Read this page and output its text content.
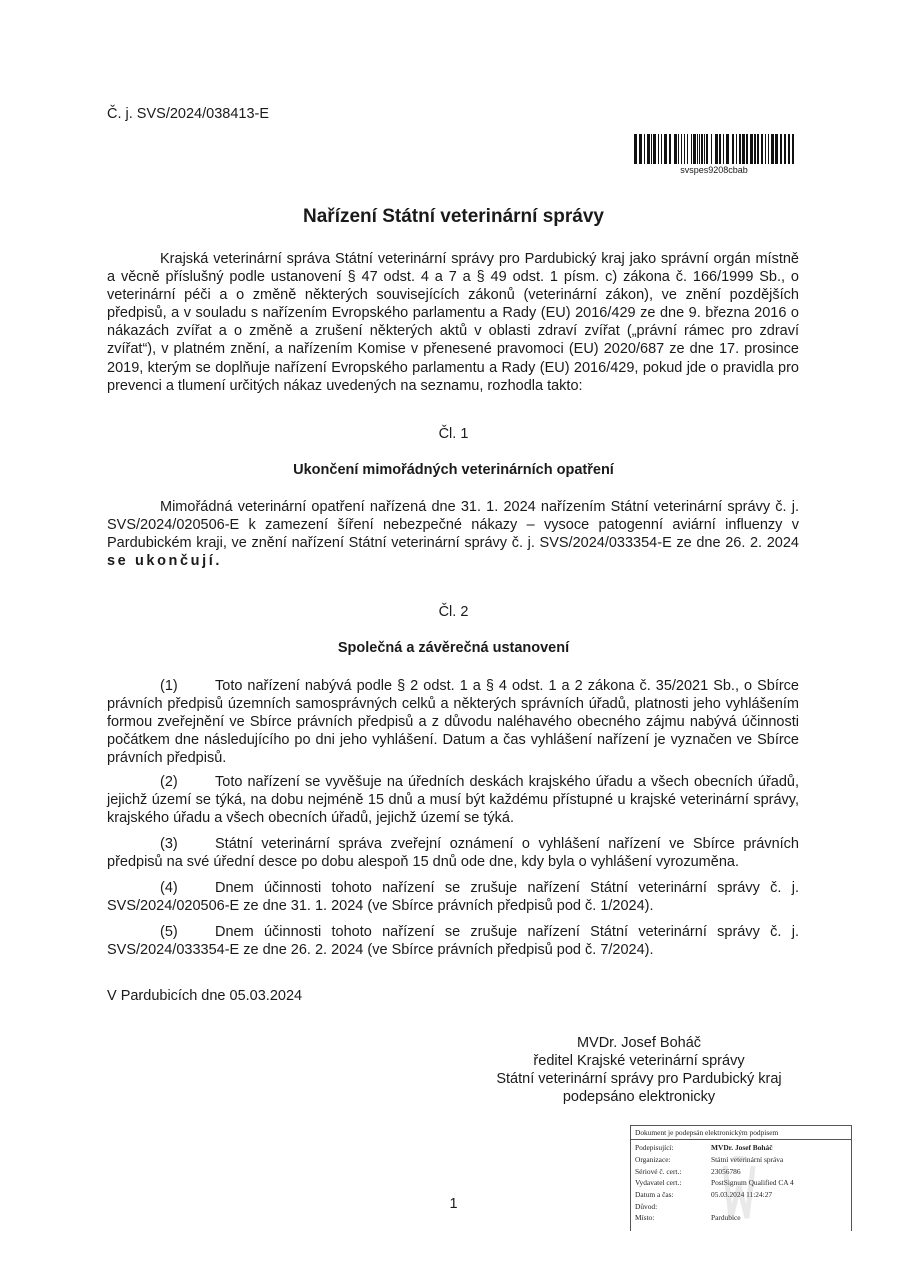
Č. j. SVS/2024/038413-E
svspes9208cbab
Nařízení Státní veterinární správy
Krajská veterinární správa Státní veterinární správy pro Pardubický kraj jako správní orgán místně a věcně příslušný podle ustanovení § 47 odst. 4 a 7 a § 49 odst. 1 písm. c) zákona č. 166/1999 Sb., o veterinární péči a o změně některých souvisejících zákonů (veterinární zákon), ve znění pozdějších předpisů, a v souladu s nařízením Evropského parlamentu a Rady (EU) 2016/429 ze dne 9. března 2016 o nákazách zvířat a o změně a zrušení některých aktů v oblasti zdraví zvířat („právní rámec pro zdraví zvířat“), v platném znění, a nařízením Komise v přenesené pravomoci (EU) 2020/687 ze dne 17. prosince 2019, kterým se doplňuje nařízení Evropského parlamentu a Rady (EU) 2016/429, pokud jde o pravidla pro prevenci a tlumení určitých nákaz uvedených na seznamu, rozhodla takto:
Čl. 1
Ukončení mimořádných veterinárních opatření
Mimořádná veterinární opatření nařízená dne 31. 1. 2024 nařízením Státní veterinární správy č. j. SVS/2024/020506-E k zamezení šíření nebezpečné nákazy – vysoce patogenní aviární influenzy v Pardubickém kraji, ve znění nařízení Státní veterinární správy č. j. SVS/2024/033354-E ze dne 26. 2. 2024 se ukončují.
Čl. 2
Společná a závěrečná ustanovení
(1)	Toto nařízení nabývá podle § 2 odst. 1 a § 4 odst. 1 a 2 zákona č. 35/2021 Sb., o Sbírce právních předpisů územních samosprávných celků a některých správních úřadů, platnosti jeho vyhlášením formou zveřejnění ve Sbírce právních předpisů a z důvodu naléhavého obecného zájmu nabývá účinnosti počátkem dne následujícího po dni jeho vyhlášení. Datum a čas vyhlášení nařízení je vyznačen ve Sbírce právních předpisů.
(2)	Toto nařízení se vyvěšuje na úředních deskách krajského úřadu a všech obecních úřadů, jejichž území se týká, na dobu nejméně 15 dnů a musí být každému přístupné u krajské veterinární správy, krajského úřadu a všech obecních úřadů, jejichž území se týká.
(3)	Státní veterinární správa zveřejní oznámení o vyhlášení nařízení ve Sbírce právních předpisů na své úřední desce po dobu alespoň 15 dnů ode dne, kdy byla o vyhlášení vyrozuměna.
(4)	Dnem účinnosti tohoto nařízení se zrušuje nařízení Státní veterinární správy č. j. SVS/2024/020506-E ze dne 31. 1. 2024 (ve Sbírce právních předpisů pod č. 1/2024).
(5)	Dnem účinnosti tohoto nařízení se zrušuje nařízení Státní veterinární správy č. j. SVS/2024/033354-E ze dne 26. 2. 2024 (ve Sbírce právních předpisů pod č. 7/2024).
V Pardubicích dne 05.03.2024
MVDr. Josef Boháč
ředitel Krajské veterinární správy
Státní veterinární správy pro Pardubický kraj
podepsáno elektronicky
Dokument je podepsán elektronickým podpisem
Podepisující:	MVDr. Josef Boháč
Organizace:	Státní veterinární správa
Sériové č. cert.:	23056786
Vydavatel cert.:	PostSignum Qualified CA 4
Datum a čas:	05.03.2024 11:24:27
Důvod:
Místo:	Pardubice
1
